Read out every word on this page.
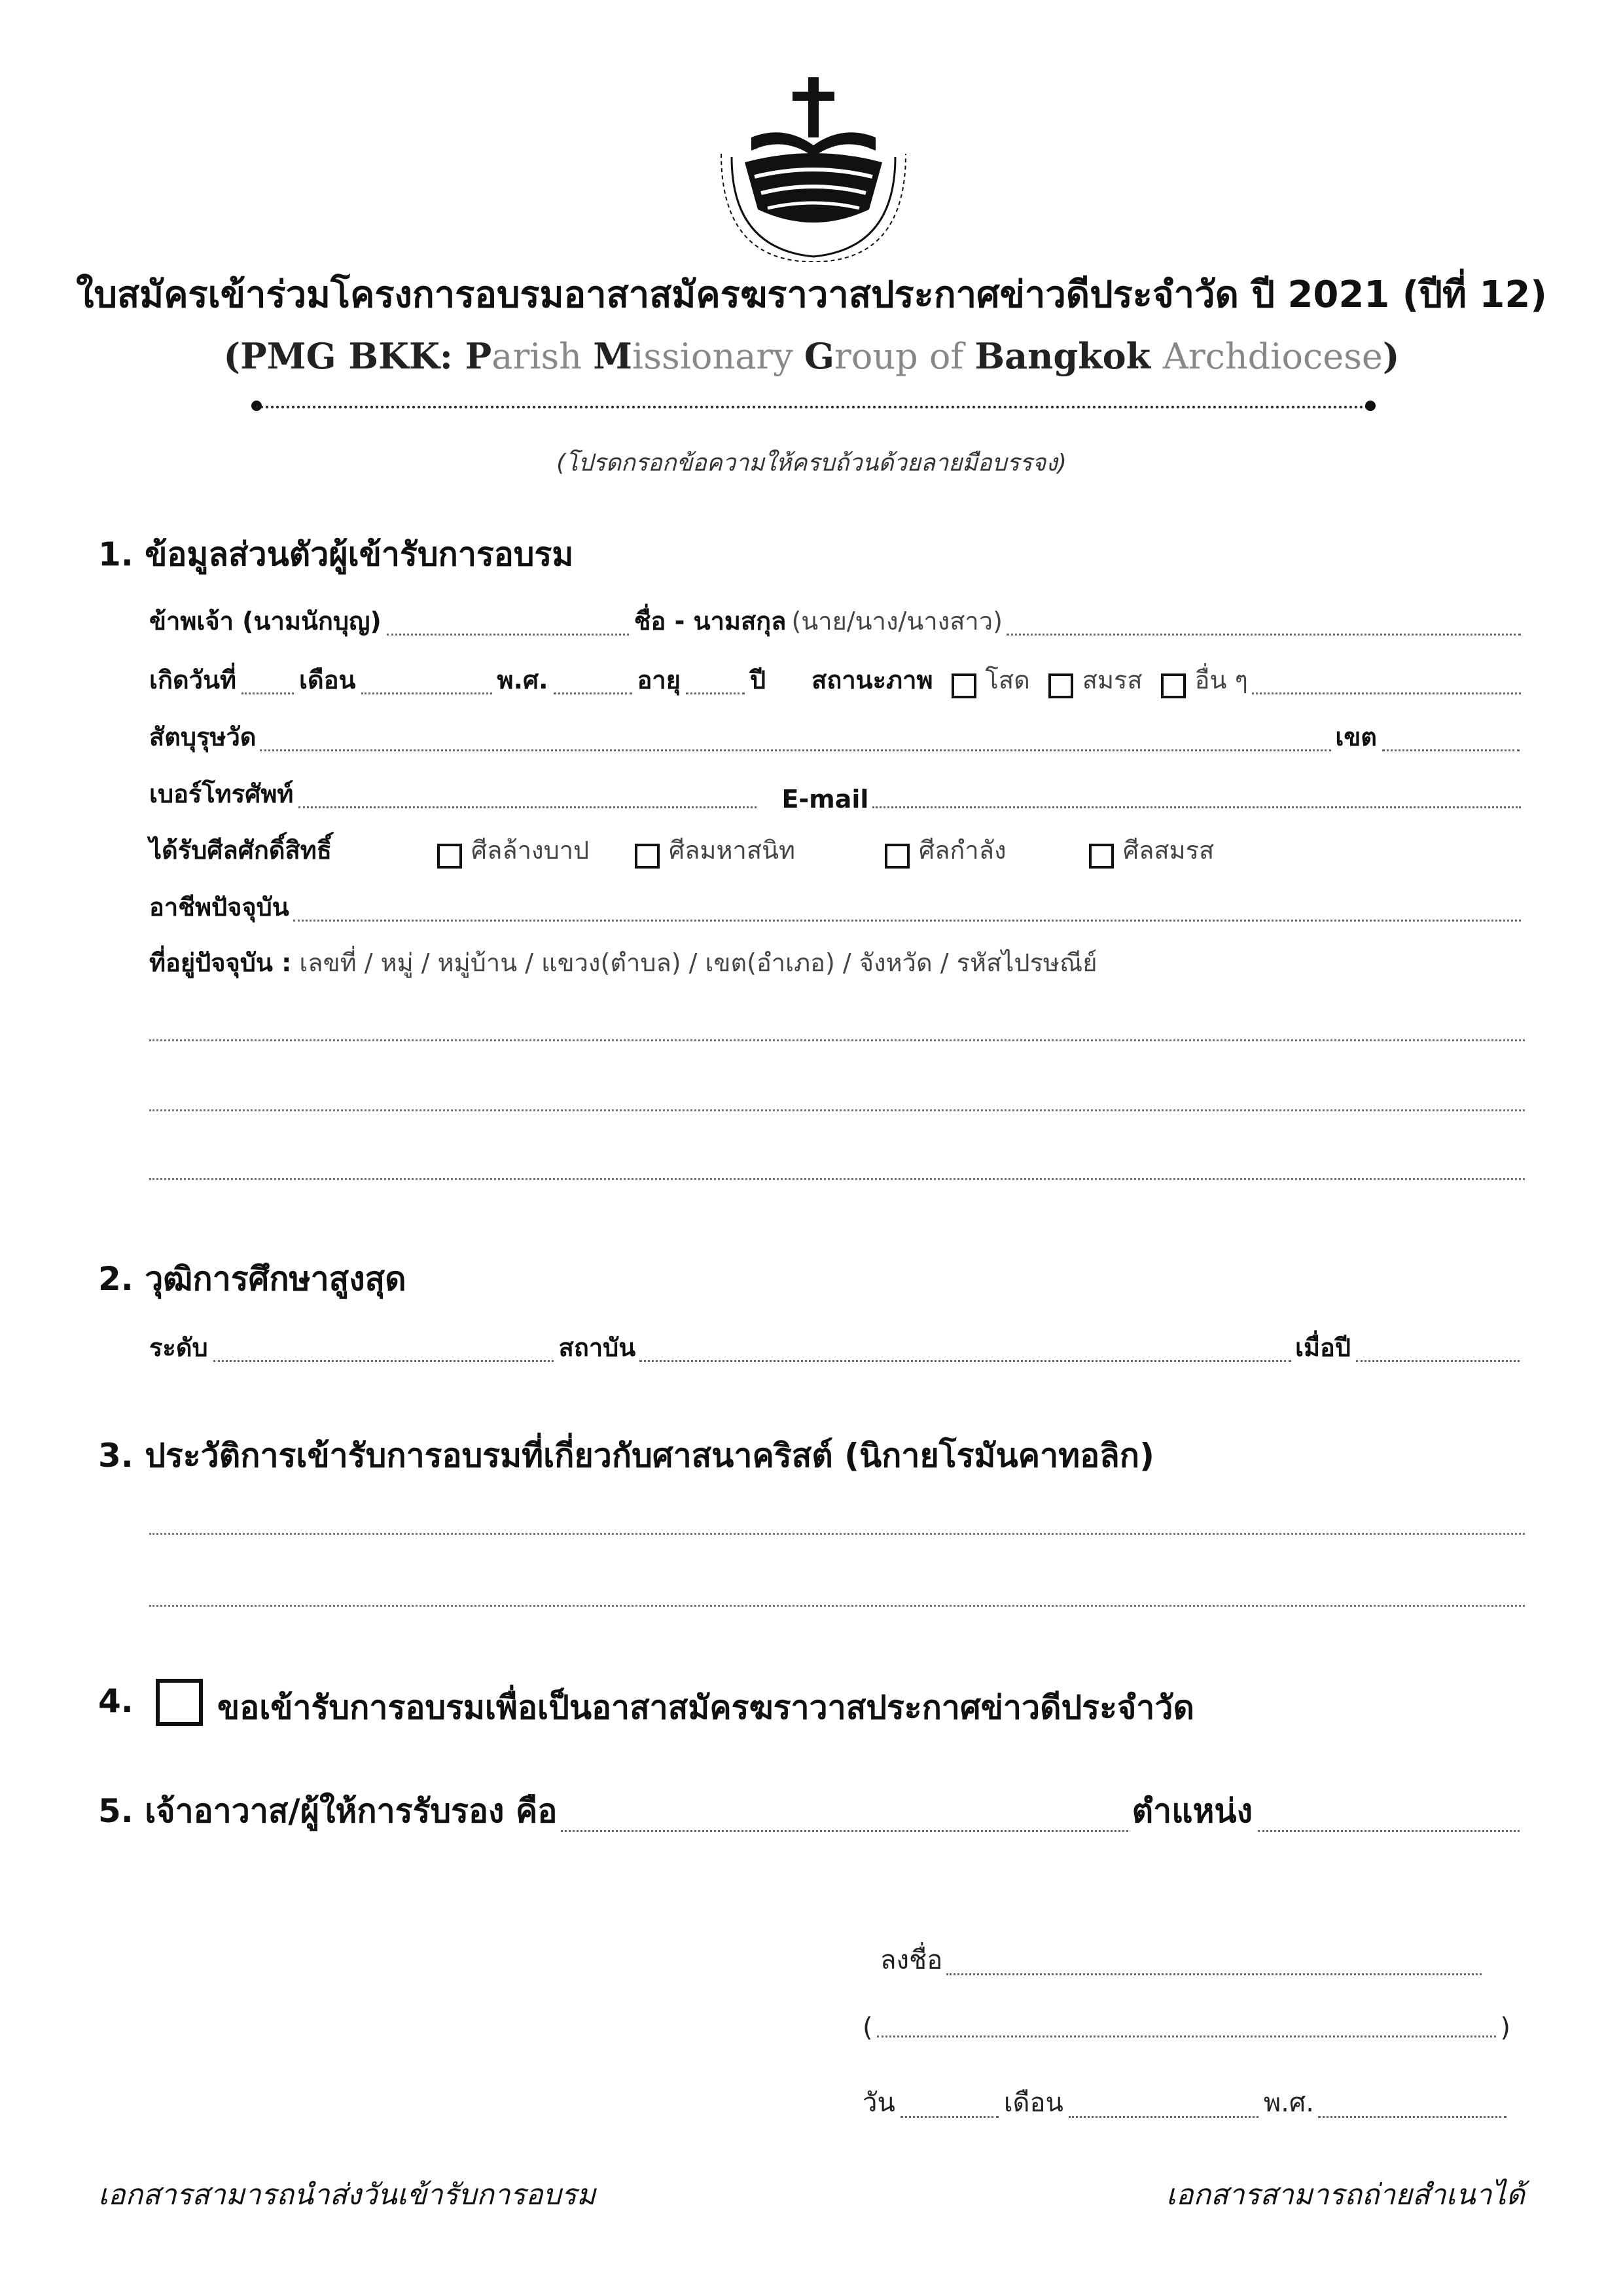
ใบสมัครเข้าร่วมโครงการอบรมอาสาสมัครฆราวาสประกาศข่าวดีประจำวัด ปี 2021 (ปีที่ 12)
(PMG BKK: Parish Missionary Group of Bangkok Archdiocese)
(โปรดกรอกข้อความให้ครบถ้วนด้วยลายมือบรรจง)
1. ข้อมูลส่วนตัวผู้เข้ารับการอบรม
ข้าพเจ้า (นามนักบุญ)	ชื่อ - นามสกุล (นาย/นาง/นางสาว)
เกิดวันที่	เดือน	พ.ศ.	อายุ	ปี สถานะภาพ โสด สมรส อื่น ๆ
สัตบุรุษวัด	เขต
เบอร์โทรศัพท์	E-mail
ได้รับศีลศักดิ์สิทธิ์	ศีลล้างบาป	ศีลมหาสนิท	ศีลกำลัง	ศีลสมรส
อาชีพปัจจุบัน
ที่อยู่ปัจจุบัน : เลขที่ / หมู่ / หมู่บ้าน / แขวง(ตำบล) / เขต(อำเภอ) / จังหวัด / รหัสไปรษณีย์
2. วุฒิการศึกษาสูงสุด
ระดับ	สถาบัน	เมื่อปี
3. ประวัติการเข้ารับการอบรมที่เกี่ยวกับศาสนาคริสต์ (นิกายโรมันคาทอลิก)
4.	ขอเข้ารับการอบรมเพื่อเป็นอาสาสมัครฆราวาสประกาศข่าวดีประจำวัด
5. เจ้าอาวาส/ผู้ให้การรับรอง คือ	ตำแหน่ง
ลงชื่อ
(	)
วัน	เดือน	พ.ศ.
เอกสารสามารถนำส่งวันเข้ารับการอบรม	เอกสารสามารถถ่ายสำเนาได้
